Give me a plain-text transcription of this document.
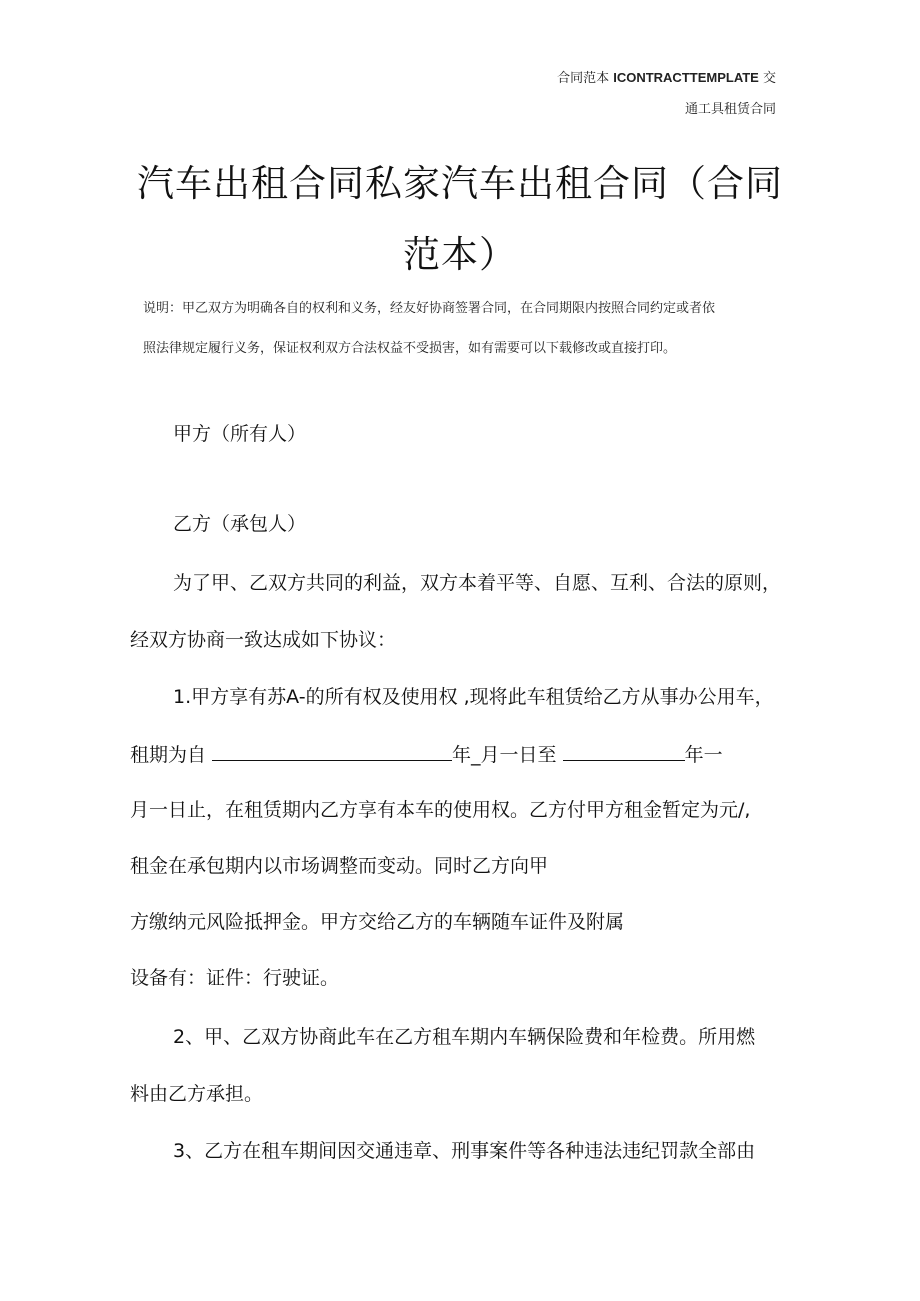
合同范本 ICONTRACTTEMPLATE 交
通工具租赁合同
汽车出租合同私家汽车出租合同（合同
范本）
说明：甲乙双方为明确各自的权利和义务，经友好协商签署合同，在合同期限内按照合同约定或者依
照法律规定履行义务，保证权利双方合法权益不受损害，如有需要可以下载修改或直接打印。
甲方（所有人）
乙方（承包人）
为了甲、乙双方共同的利益，双方本着平等、自愿、互利、合法的原则，
经双方协商一致达成如下协议：
1.甲方享有苏A-的所有权及使用权 ,现将此车租赁给乙方从事办公用车，
租期为自	年_月一日至	年一
月一日止，在租赁期内乙方享有本车的使用权。乙方付甲方租金暂定为元/,
租金在承包期内以市场调整而变动。同时乙方向甲
方缴纳元风险抵押金。甲方交给乙方的车辆随车证件及附属
设备有：证件：行驶证。
2、甲、乙双方协商此车在乙方租车期内车辆保险费和年检费。所用燃
料由乙方承担。
3、乙方在租车期间因交通违章、刑事案件等各种违法违纪罚款全部由
